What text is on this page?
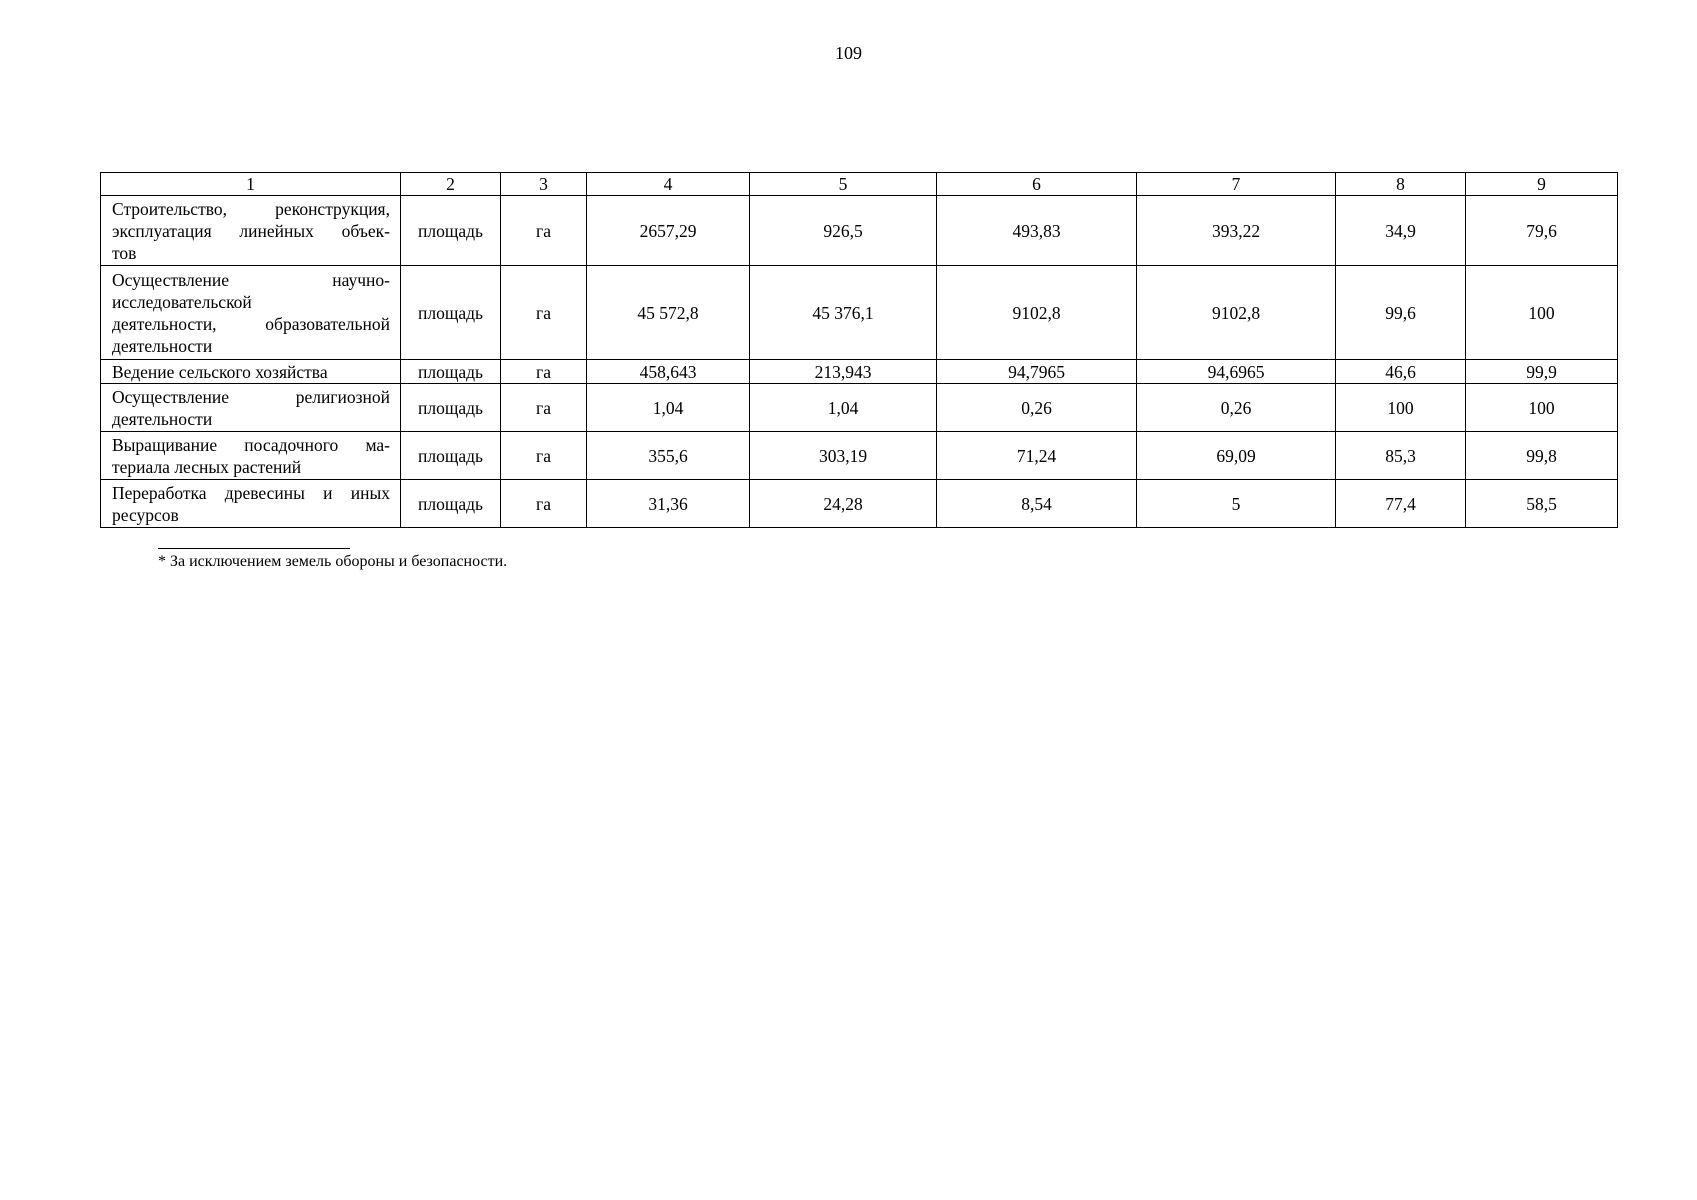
109
1	2	3	4	5	6	7	8	9

Строительство, реконструкция,
эксплуатация линейных объек-
тов	площадь	га	2657,29	926,5	493,83	393,22	34,9	79,6

Осуществление научно-
исследовательской
деятельности, образовательной
деятельности	площадь	га	45 572,8	45 376,1	9102,8	9102,8	99,6	100

Ведение сельского хозяйства	площадь	га	458,643	213,943	94,7965	94,6965	46,6	99,9

Осуществление религиозной
деятельности	площадь	га	1,04	1,04	0,26	0,26	100	100

Выращивание посадочного ма-
териала лесных растений	площадь	га	355,6	303,19	71,24	69,09	85,3	99,8

Переработка древесины и иных
ресурсов	площадь	га	31,36	24,28	8,54	5	77,4	58,5
* За исключением земель обороны и безопасности.
